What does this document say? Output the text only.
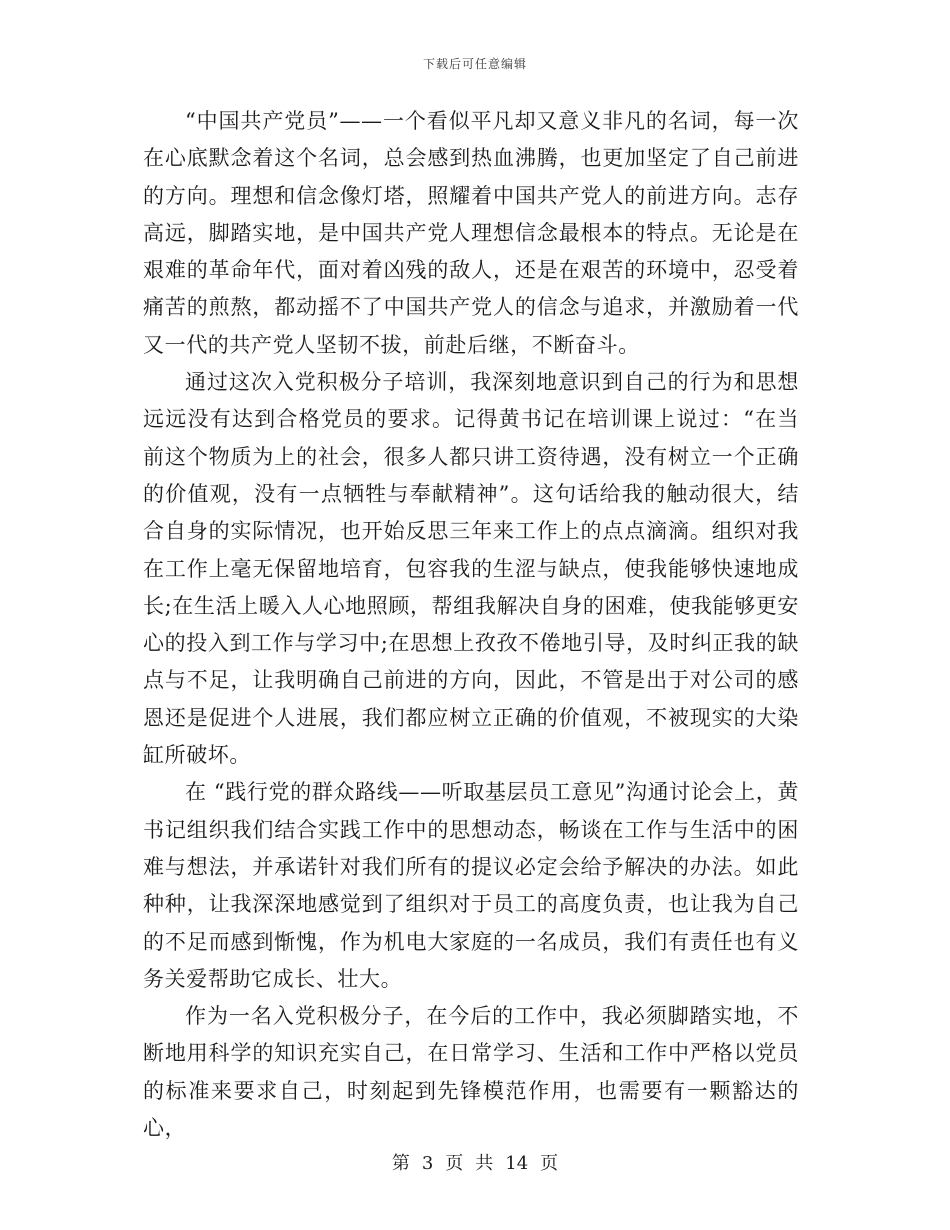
下载后可任意编辑

“中国共产党员”——一个看似平凡却又意义非凡的名词，每一次在心底默念着这个名词，总会感到热血沸腾，也更加坚定了自己前进的方向。理想和信念像灯塔，照耀着中国共产党人的前进方向。志存高远，脚踏实地，是中国共产党人理想信念最根本的特点。无论是在艰难的革命年代，面对着凶残的敌人，还是在艰苦的环境中，忍受着痛苦的煎熬，都动摇不了中国共产党人的信念与追求，并激励着一代又一代的共产党人坚韧不拔，前赴后继，不断奋斗。

通过这次入党积极分子培训，我深刻地意识到自己的行为和思想远远没有达到合格党员的要求。记得黄书记在培训课上说过：“在当前这个物质为上的社会，很多人都只讲工资待遇，没有树立一个正确的价值观，没有一点牺牲与奉献精神”。这句话给我的触动很大，结合自身的实际情况，也开始反思三年来工作上的点点滴滴。组织对我在工作上毫无保留地培育，包容我的生涩与缺点，使我能够快速地成长;在生活上暖入人心地照顾，帮组我解决自身的困难，使我能够更安心的投入到工作与学习中;在思想上孜孜不倦地引导，及时纠正我的缺点与不足，让我明确自己前进的方向，因此，不管是出于对公司的感恩还是促进个人进展，我们都应树立正确的价值观，不被现实的大染缸所破坏。

在 “践行党的群众路线——听取基层员工意见”沟通讨论会上，黄书记组织我们结合实践工作中的思想动态，畅谈在工作与生活中的困难与想法，并承诺针对我们所有的提议必定会给予解决的办法。如此种种，让我深深地感觉到了组织对于员工的高度负责，也让我为自己的不足而感到惭愧，作为机电大家庭的一名成员，我们有责任也有义务关爱帮助它成长、壮大。

作为一名入党积极分子，在今后的工作中，我必须脚踏实地，不断地用科学的知识充实自己，在日常学习、生活和工作中严格以党员的标准来要求自己，时刻起到先锋模范作用，也需要有一颗豁达的心，

第 3 页 共 14 页
